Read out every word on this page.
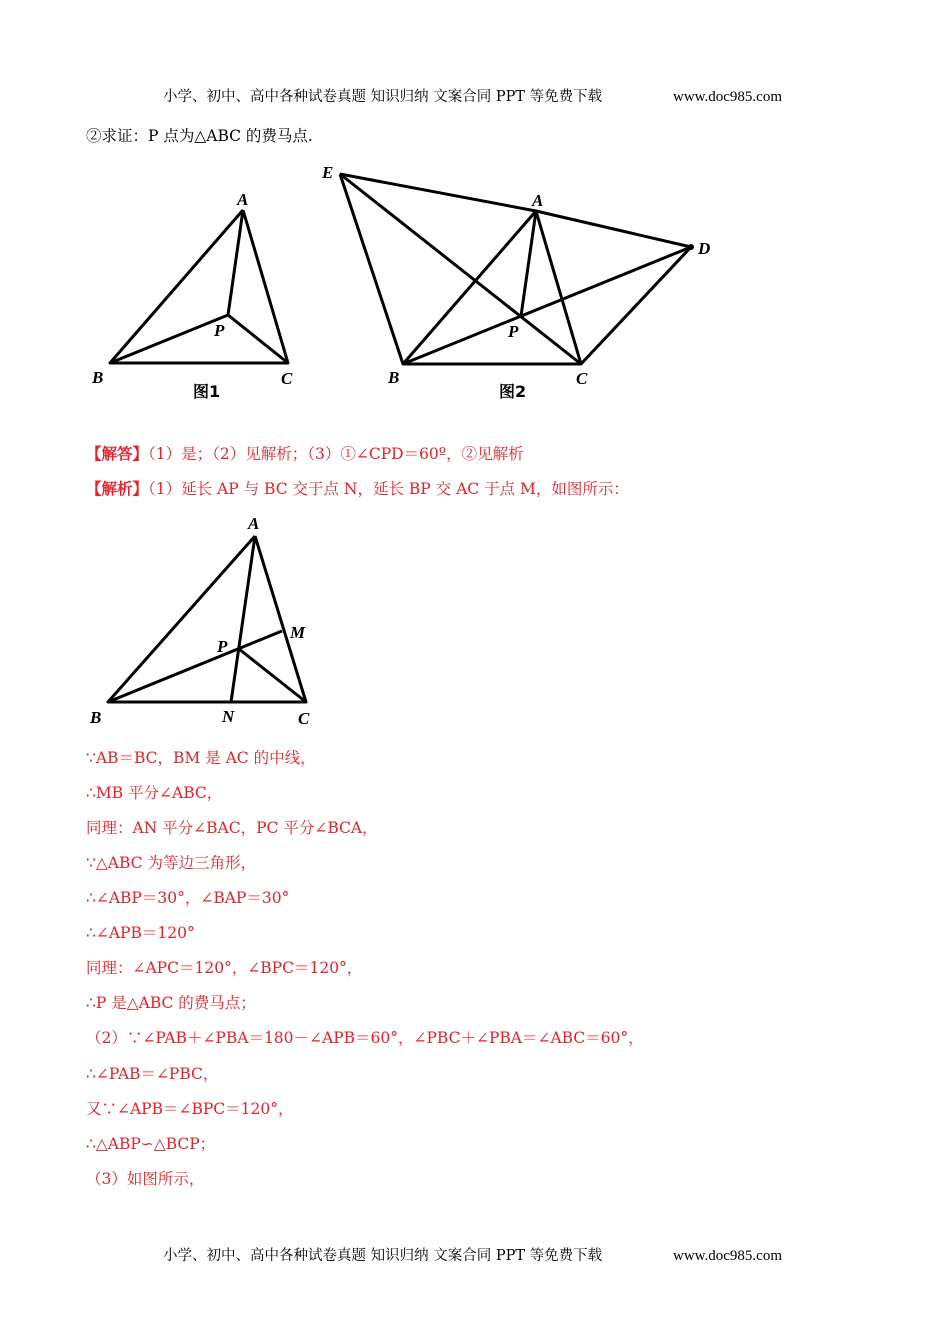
小学、初中、高中各种试卷真题 知识归纳 文案合同 PPT 等免费下载	www.doc985.com
②求证：P 点为△ABC 的费马点.
A
B	C
P
图1
E
A
D
P
B	C
图2
【解答】（1）是；（2）见解析；（3）①∠CPD＝60º，②见解析
【解析】（1）延长 AP 与 BC 交于点 N，延长 BP 交 AC 于点 M，如图所示：
A
M
P
B	N	C
∵AB＝BC，BM 是 AC 的中线，
∴MB 平分∠ABC，
同理：AN 平分∠BAC，PC 平分∠BCA，
∵△ABC 为等边三角形，
∴∠ABP＝30°，∠BAP＝30°
∴∠APB＝120°
同理：∠APC＝120°，∠BPC＝120°，
∴P 是△ABC 的费马点；
（2）∵∠PAB＋∠PBA＝180－∠APB＝60°，∠PBC＋∠PBA＝∠ABC＝60°，
∴∠PAB＝∠PBC，
又∵∠APB＝∠BPC＝120°，
∴△ABP∽△BCP；
（3）如图所示，
小学、初中、高中各种试卷真题 知识归纳 文案合同 PPT 等免费下载	www.doc985.com
